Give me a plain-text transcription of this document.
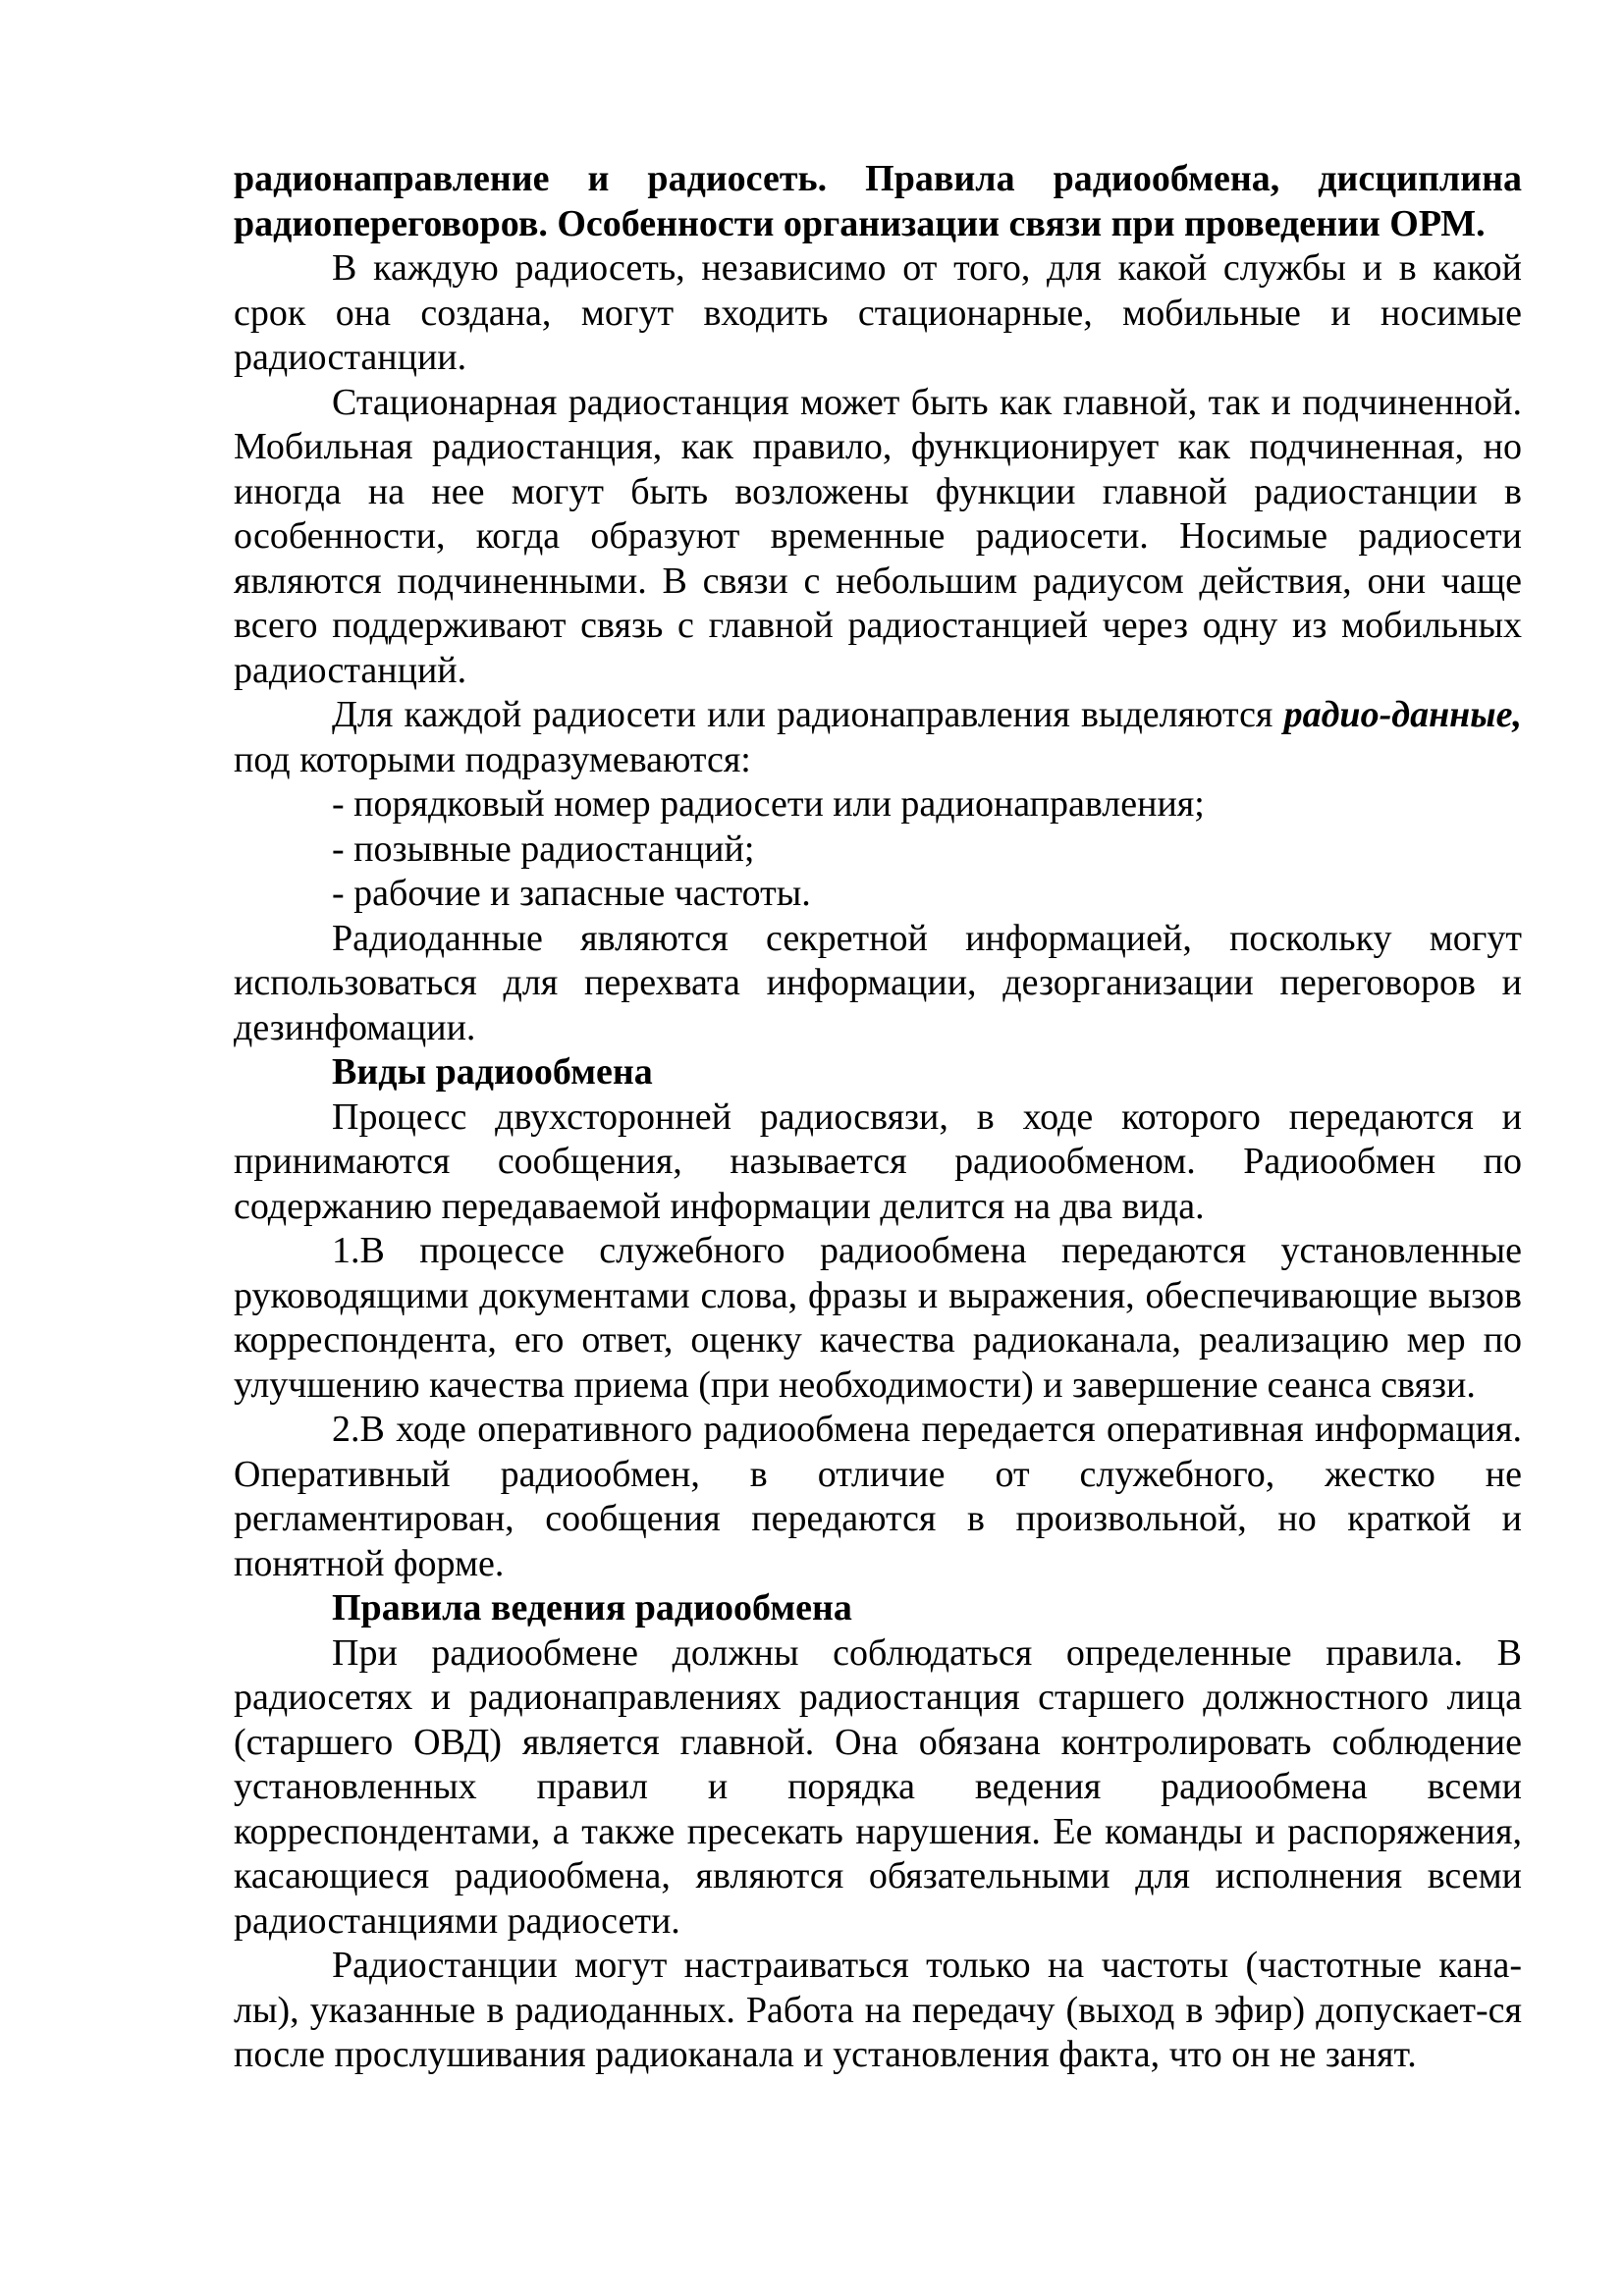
радионаправление и радиосеть. Правила радиообмена, дисциплина радиопереговоров. Особенности организации связи при проведении ОРМ.

В каждую радиосеть, независимо от того, для какой службы и в какой срок она создана, могут входить стационарные, мобильные и носимые радиостанции.

Стационарная радиостанция может быть как главной, так и подчиненной. Мобильная радиостанция, как правило, функционирует как подчиненная, но иногда на нее могут быть возложены функции главной радиостанции в особенности, когда образуют временные радиосети. Носимые радиосети являются подчиненными. В связи с небольшим радиусом действия, они чаще всего поддерживают связь с главной радиостанцией через одну из мобильных радиостанций.

Для каждой радиосети или радионаправления выделяются радио-данные, под которыми подразумеваются:

- порядковый номер радиосети или радионаправления;

- позывные радиостанций;

- рабочие и запасные частоты.

Радиоданные являются секретной информацией, поскольку могут использоваться для перехвата информации, дезорганизации переговоров и дезинфомации.

Виды радиообмена

Процесс двухсторонней радиосвязи, в ходе которого передаются и принимаются сообщения, называется радиообменом. Радиообмен по содержанию передаваемой информации делится на два вида.

1.В процессе служебного радиообмена передаются установленные руководящими документами слова, фразы и выражения, обеспечивающие вызов корреспондента, его ответ, оценку качества радиоканала, реализацию мер по улучшению качества приема (при необходимости) и завершение сеанса связи.

2.В ходе оперативного радиообмена передается оперативная информация. Оперативный радиообмен, в отличие от служебного, жестко не регламентирован, сообщения передаются в произвольной, но краткой и понятной форме.

Правила ведения радиообмена

При радиообмене должны соблюдаться определенные правила. В радиосетях и радионаправлениях радиостанция старшего должностного лица (старшего ОВД) является главной. Она обязана контролировать соблюдение установленных правил и порядка ведения радиообмена всеми корреспондентами, а также пресекать нарушения. Ее команды и распоряжения, касающиеся радиообмена, являются обязательными для исполнения всеми радиостанциями радиосети.

Радиостанции могут настраиваться только на частоты (частотные кана-лы), указанные в радиоданных. Работа на передачу (выход в эфир) допускает-ся после прослушивания радиоканала и установления факта, что он не занят.
